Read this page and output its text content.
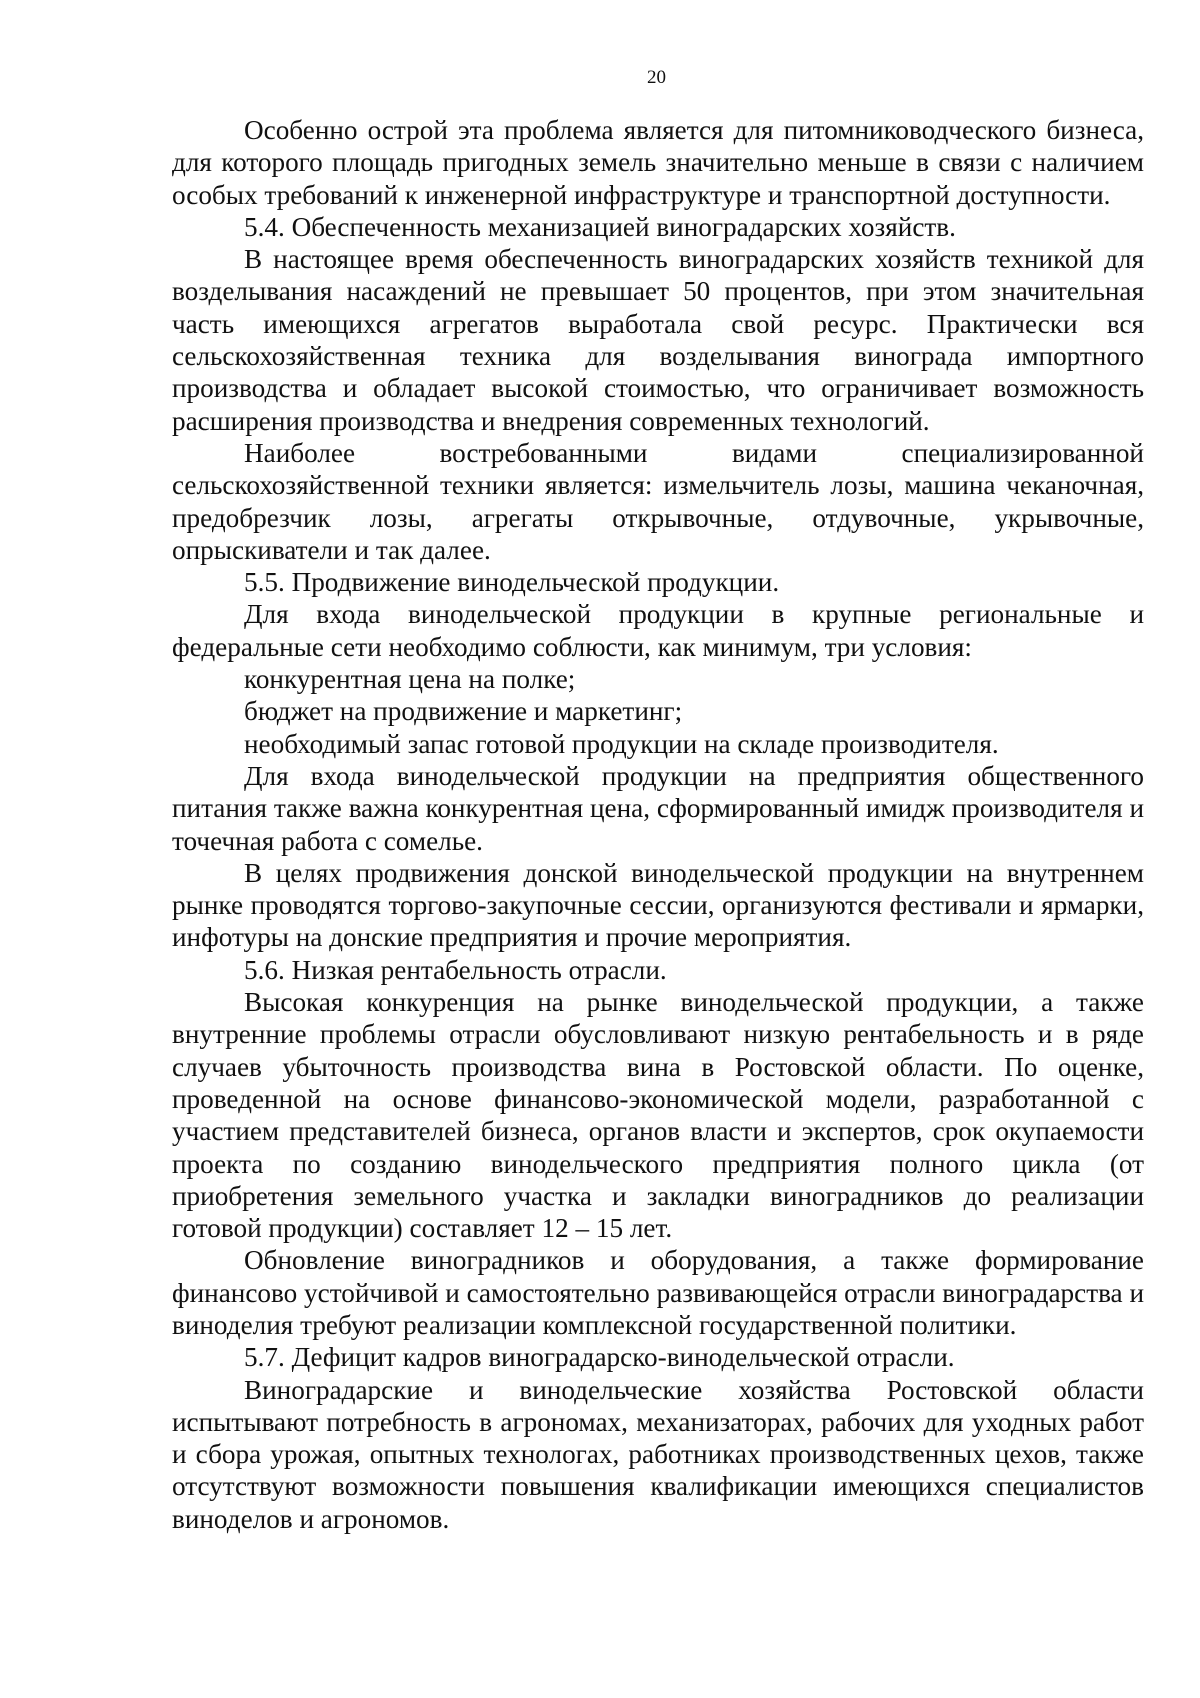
20

Особенно острой эта проблема является для питомниководческого бизнеса, для которого площадь пригодных земель значительно меньше в связи с наличием особых требований к инженерной инфраструктуре и транспортной доступности.

5.4. Обеспеченность механизацией виноградарских хозяйств.

В настоящее время обеспеченность виноградарских хозяйств техникой для возделывания насаждений не превышает 50 процентов, при этом значительная часть имеющихся агрегатов выработала свой ресурс. Практически вся сельскохозяйственная техника для возделывания винограда импортного производства и обладает высокой стоимостью, что ограничивает возможность расширения производства и внедрения современных технологий.

Наиболее востребованными видами специализированной сельскохозяйственной техники является: измельчитель лозы, машина чеканочная, предобрезчик лозы, агрегаты открывочные, отдувочные, укрывочные, опрыскиватели и так далее.

5.5. Продвижение винодельческой продукции.

Для входа винодельческой продукции в крупные региональные и федеральные сети необходимо соблюсти, как минимум, три условия:

конкурентная цена на полке;

бюджет на продвижение и маркетинг;

необходимый запас готовой продукции на складе производителя.

Для входа винодельческой продукции на предприятия общественного питания также важна конкурентная цена, сформированный имидж производителя и точечная работа с сомелье.

В целях продвижения донской винодельческой продукции на внутреннем рынке проводятся торгово-закупочные сессии, организуются фестивали и ярмарки, инфотуры на донские предприятия и прочие мероприятия.

5.6. Низкая рентабельность отрасли.

Высокая конкуренция на рынке винодельческой продукции, а также внутренние проблемы отрасли обусловливают низкую рентабельность и в ряде случаев убыточность производства вина в Ростовской области. По оценке, проведенной на основе финансово-экономической модели, разработанной с участием представителей бизнеса, органов власти и экспертов, срок окупаемости проекта по созданию винодельческого предприятия полного цикла (от приобретения земельного участка и закладки виноградников до реализации готовой продукции) составляет 12 – 15 лет.

Обновление виноградников и оборудования, а также формирование финансово устойчивой и самостоятельно развивающейся отрасли виноградарства и виноделия требуют реализации комплексной государственной политики.

5.7. Дефицит кадров виноградарско-винодельческой отрасли.

Виноградарские и винодельческие хозяйства Ростовской области испытывают потребность в агрономах, механизаторах, рабочих для уходных работ и сбора урожая, опытных технологах, работниках производственных цехов, также отсутствуют возможности повышения квалификации имеющихся специалистов виноделов и агрономов.
